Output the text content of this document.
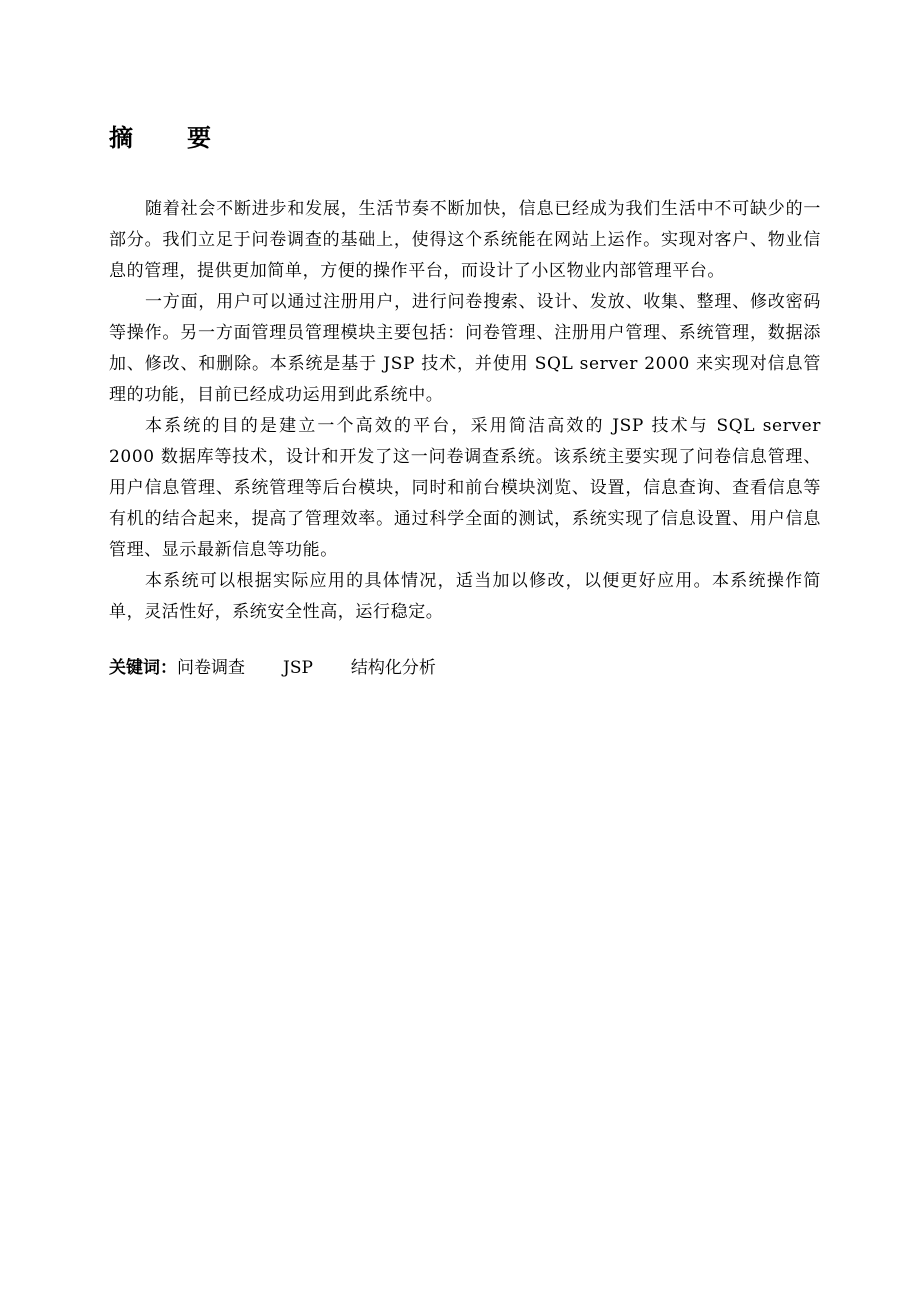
摘要

随着社会不断进步和发展，生活节奏不断加快，信息已经成为我们生活中不可缺少的一部分。我们立足于问卷调查的基础上，使得这个系统能在网站上运作。实现对客户、物业信息的管理，提供更加简单，方便的操作平台，而设计了小区物业内部管理平台。

一方面，用户可以通过注册用户，进行问卷搜索、设计、发放、收集、整理、修改密码等操作。另一方面管理员管理模块主要包括：问卷管理、注册用户管理、系统管理，数据添加、修改、和删除。本系统是基于 JSP 技术，并使用 SQL server 2000 来实现对信息管理的功能，目前已经成功运用到此系统中。

本系统的目的是建立一个高效的平台，采用简洁高效的 JSP 技术与 SQL server 2000 数据库等技术，设计和开发了这一问卷调查系统。该系统主要实现了问卷信息管理、用户信息管理、系统管理等后台模块，同时和前台模块浏览、设置，信息查询、查看信息等有机的结合起来，提高了管理效率。通过科学全面的测试，系统实现了信息设置、用户信息管理、显示最新信息等功能。

本系统可以根据实际应用的具体情况，适当加以修改，以便更好应用。本系统操作简单，灵活性好，系统安全性高，运行稳定。

关键词：问卷调查 JSP 结构化分析
